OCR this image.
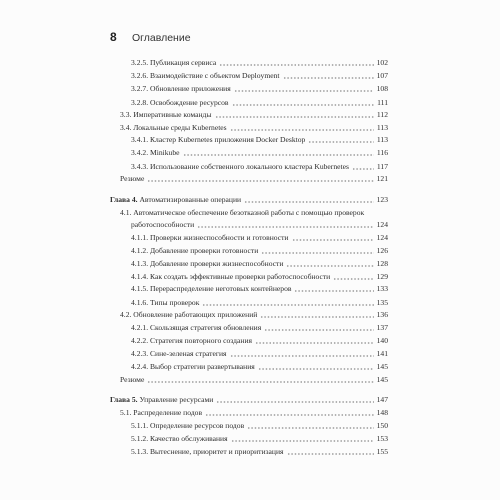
8	Оглавление
3.2.5. Публикация сервиса	102
3.2.6. Взаимодействие с объектом Deployment	107
3.2.7. Обновление приложения	108
3.2.8. Освобождение ресурсов	111
3.3. Императивные команды	112
3.4. Локальные среды Kubernetes	113
3.4.1. Кластер Kubernetes приложения Docker Desktop	113
3.4.2. Minikube	116
3.4.3. Использование собственного локального кластера Kubernetes	117
Резюме	121
Глава 4. Автоматизированные операции	123
4.1. Автоматическое обеспечение безотказной работы с помощью проверок
работоспособности	124
4.1.1. Проверки жизнеспособности и готовности	124
4.1.2. Добавление проверки готовности	126
4.1.3. Добавление проверки жизнеспособности	128
4.1.4. Как создать эффективные проверки работоспособности	129
4.1.5. Перераспределение неготовых контейнеров	133
4.1.6. Типы проверок	135
4.2. Обновление работающих приложений	136
4.2.1. Скользящая стратегия обновления	137
4.2.2. Стратегия повторного создания	140
4.2.3. Сине-зеленая стратегия	141
4.2.4. Выбор стратегии развертывания	145
Резюме	145
Глава 5. Управление ресурсами	147
5.1. Распределение подов	148
5.1.1. Определение ресурсов подов	150
5.1.2. Качество обслуживания	153
5.1.3. Вытеснение, приоритет и приоритизация	155
